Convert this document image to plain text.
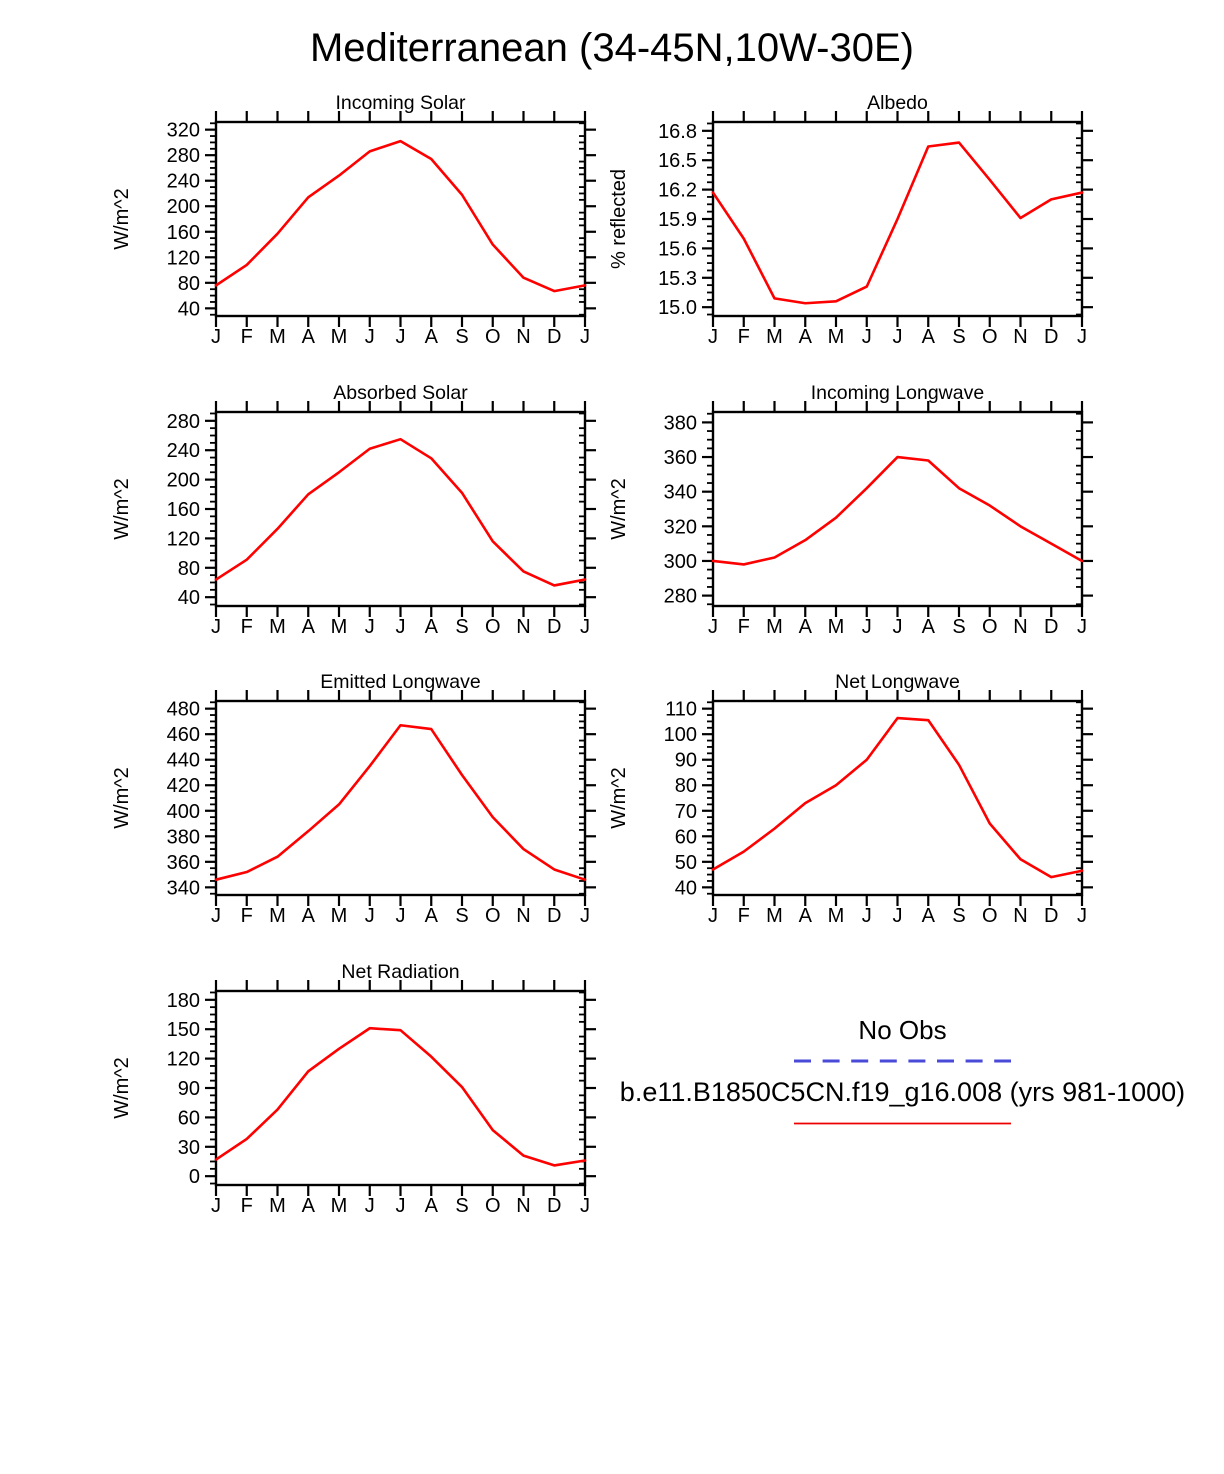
Mediterranean (34-45N,10W-30E)
J F M A M J J A S O N D J
40
80
120
160
200
240
280
320
Incoming Solar
W/m^2
J F M A M J J A S O N D J
15.0
15.3
15.6
15.9
16.2
16.5
16.8
Albedo
% reflected
J F M A M J J A S O N D J
40
80
120
160
200
240
280
Absorbed Solar
W/m^2
J F M A M J J A S O N D J
280
300
320
340
360
380
Incoming Longwave
W/m^2
J F M A M J J A S O N D J
340
360
380
400
420
440
460
480
Emitted Longwave
W/m^2
J F M A M J J A S O N D J
40
50
60
70
80
90
100
110
Net Longwave
W/m^2
J F M A M J J A S O N D J
0
30
60
90
120
150
180
Net Radiation
W/m^2
No Obs
b.e11.B1850C5CN.f19_g16.008 (yrs 981-1000)
